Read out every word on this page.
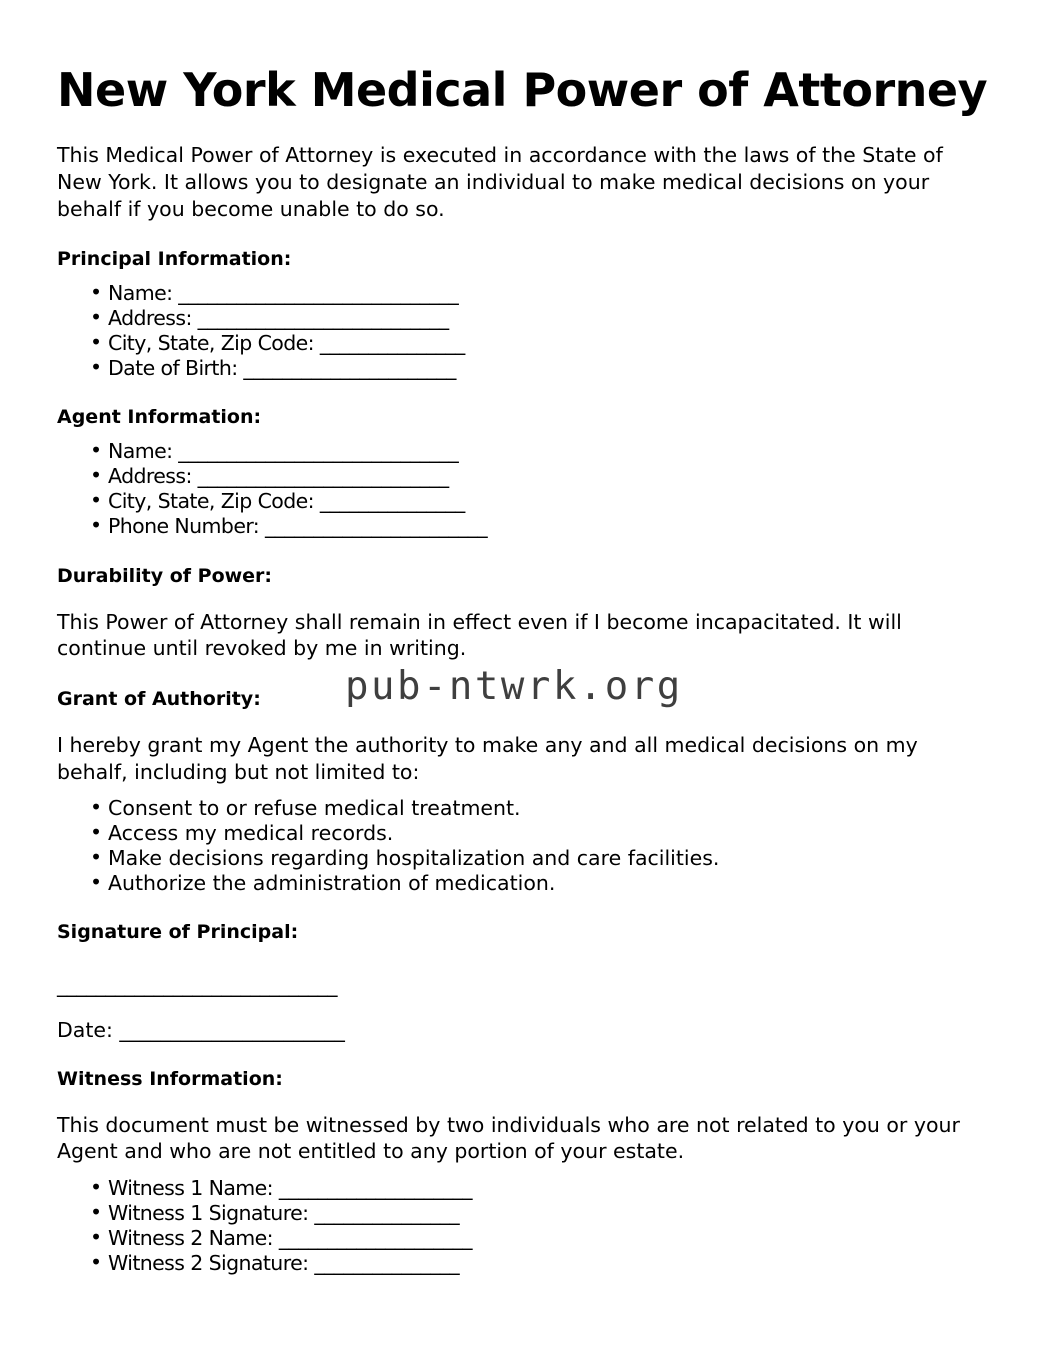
New York Medical Power of Attorney

This Medical Power of Attorney is executed in accordance with the laws of the State of New York. It allows you to designate an individual to make medical decisions on your behalf if you become unable to do so.

Principal Information:
• Name: _____________________________
• Address: __________________________
• City, State, Zip Code: _______________
• Date of Birth: ______________________
Agent Information:
• Name: _____________________________
• Address: __________________________
• City, State, Zip Code: _______________
• Phone Number: _______________________
Durability of Power:

This Power of Attorney shall remain in effect even if I become incapacitated. It will continue until revoked by me in writing.

Grant of Authority:

I hereby grant my Agent the authority to make any and all medical decisions on my behalf, including but not limited to:

• Consent to or refuse medical treatment.
• Access my medical records.
• Make decisions regarding hospitalization and care facilities.
• Authorize the administration of medication.
Signature of Principal:

_____________________________

Date: ______________________

Witness Information:

This document must be witnessed by two individuals who are not related to you or your Agent and who are not entitled to any portion of your estate.

• Witness 1 Name: ____________________
• Witness 1 Signature: _______________
• Witness 2 Name: ____________________
• Witness 2 Signature: _______________
pub-ntwrk.org
